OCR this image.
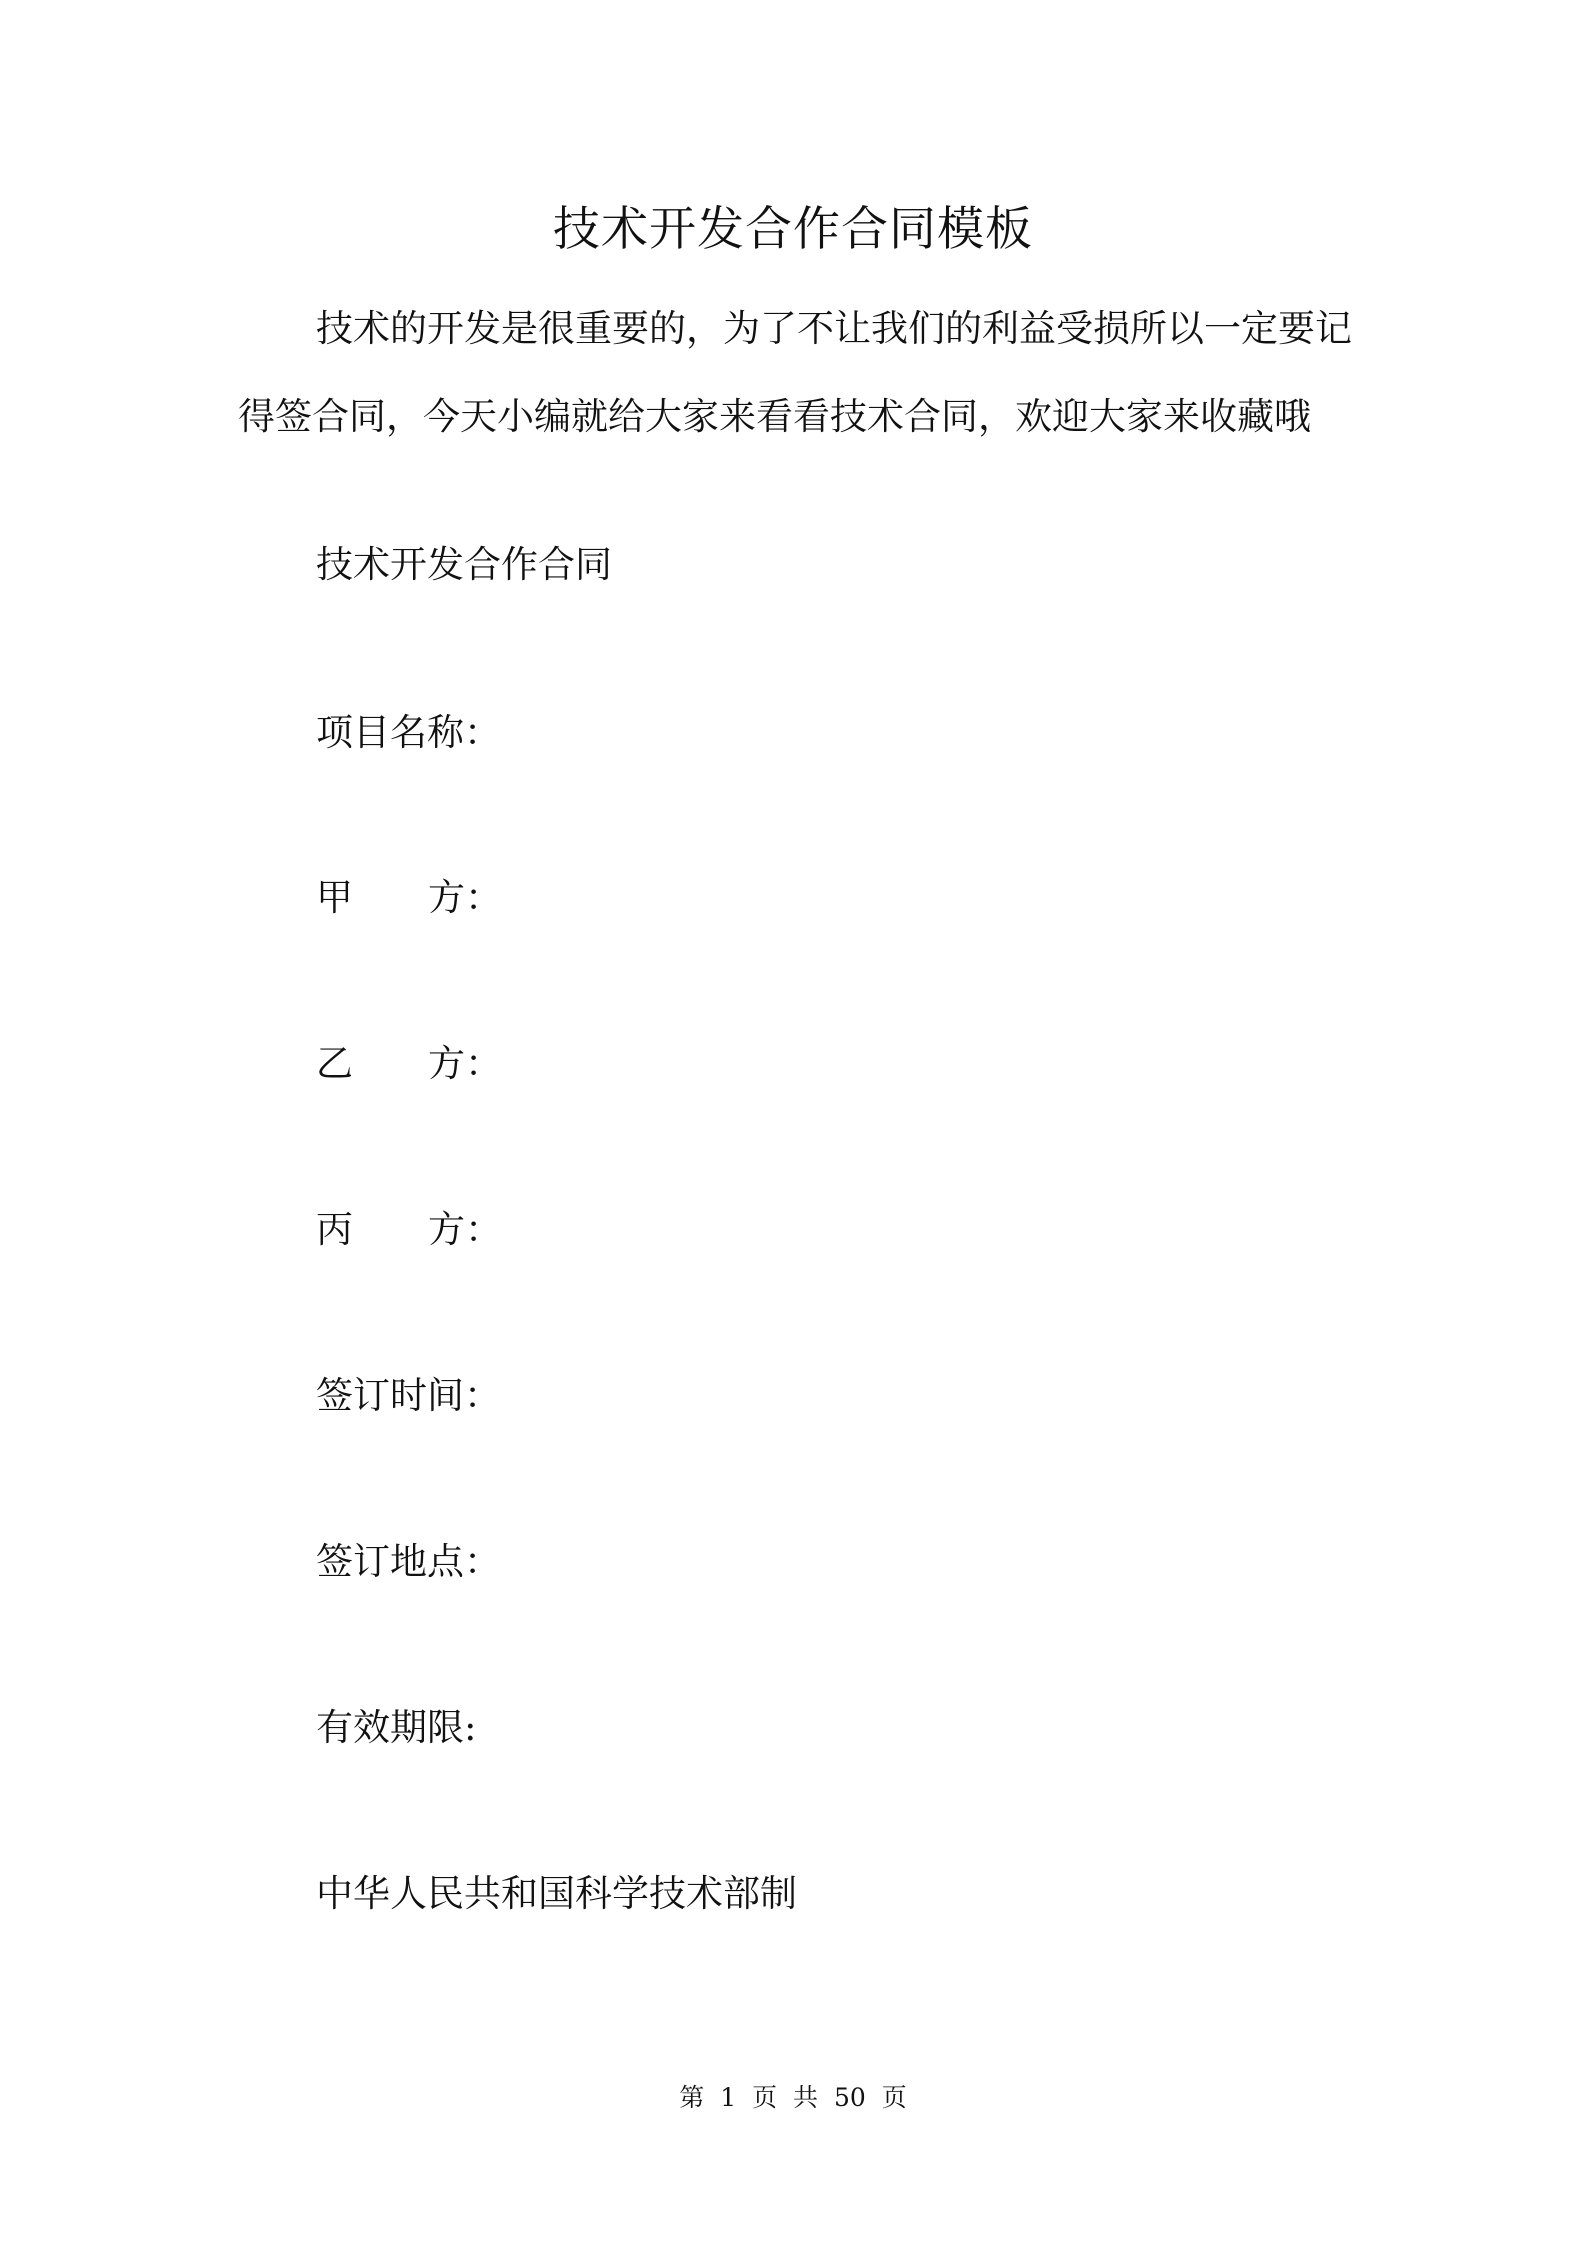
技术开发合作合同模板

技术的开发是很重要的，为了不让我们的利益受损所以一定要记得签合同，今天小编就给大家来看看技术合同，欢迎大家来收藏哦

技术开发合作合同
项目名称：
甲 方：
乙 方：
丙 方：
签订时间：
签订地点：
有效期限:
中华人民共和国科学技术部制
第 1 页 共 50 页
